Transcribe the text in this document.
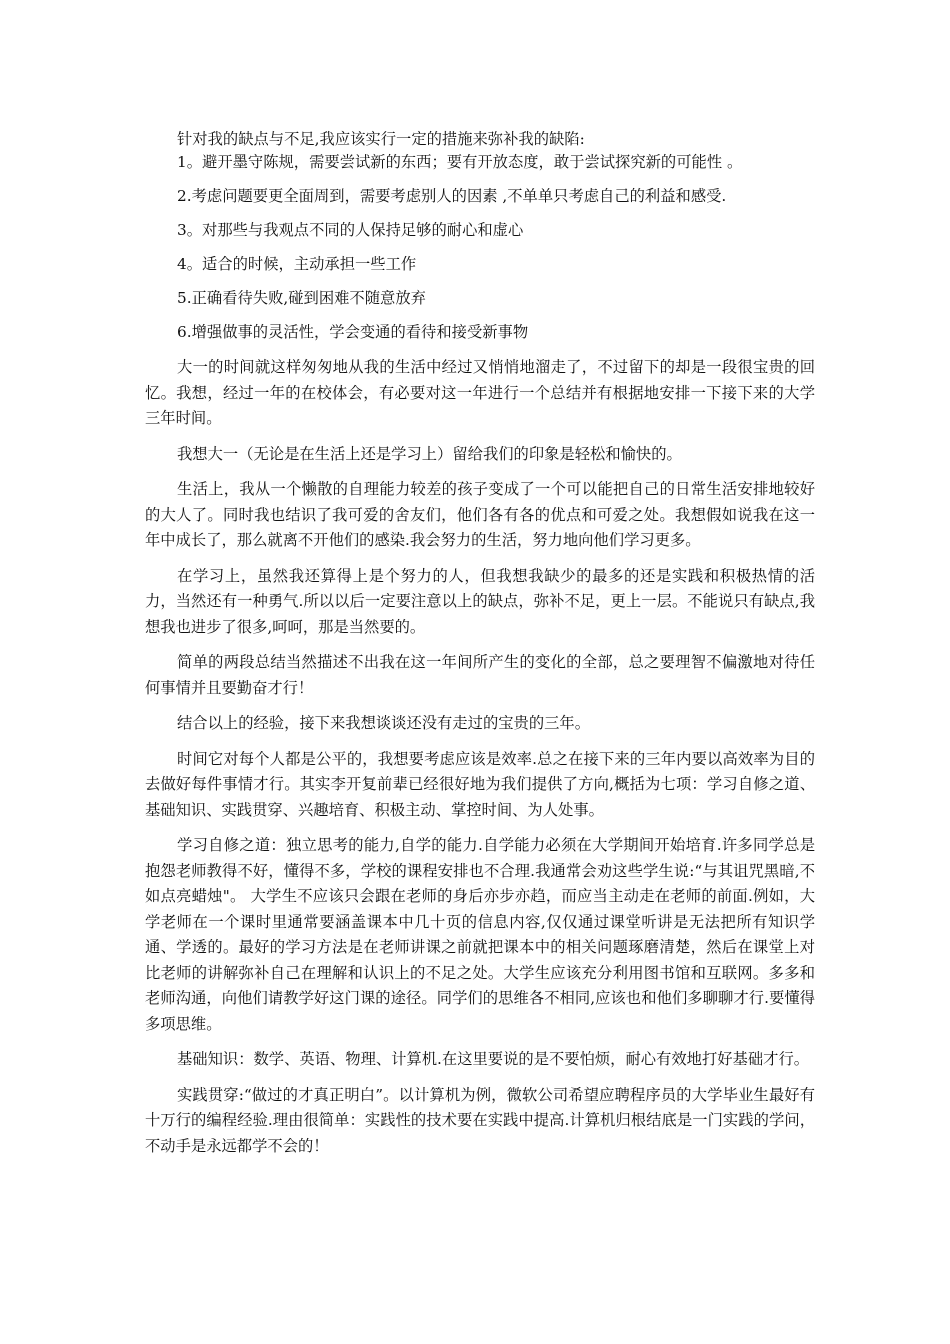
针对我的缺点与不足,我应该实行一定的措施来弥补我的缺陷:

1。避开墨守陈规，需要尝试新的东西；要有开放态度，敢于尝试探究新的可能性 。

2.考虑问题要更全面周到，需要考虑别人的因素 ,不单单只考虑自己的利益和感受.

3。对那些与我观点不同的人保持足够的耐心和虚心

4。适合的时候，主动承担一些工作

5.正确看待失败,碰到困难不随意放弃

6.增强做事的灵活性，学会变通的看待和接受新事物

大一的时间就这样匆匆地从我的生活中经过又悄悄地溜走了，不过留下的却是一段很宝贵的回忆。我想，经过一年的在校体会，有必要对这一年进行一个总结并有根据地安排一下接下来的大学三年时间。

我想大一（无论是在生活上还是学习上）留给我们的印象是轻松和愉快的。

生活上，我从一个懒散的自理能力较差的孩子变成了一个可以能把自己的日常生活安排地较好的大人了。同时我也结识了我可爱的舍友们，他们各有各的优点和可爱之处。我想假如说我在这一年中成长了，那么就离不开他们的感染.我会努力的生活，努力地向他们学习更多。

在学习上，虽然我还算得上是个努力的人，但我想我缺少的最多的还是实践和积极热情的活力，当然还有一种勇气.所以以后一定要注意以上的缺点，弥补不足，更上一层。不能说只有缺点,我想我也进步了很多,呵呵，那是当然要的。

简单的两段总结当然描述不出我在这一年间所产生的变化的全部，总之要理智不偏激地对待任何事情并且要勤奋才行！

结合以上的经验，接下来我想谈谈还没有走过的宝贵的三年。

时间它对每个人都是公平的，我想要考虑应该是效率.总之在接下来的三年内要以高效率为目的去做好每件事情才行。其实李开复前辈已经很好地为我们提供了方向,概括为七项：学习自修之道、基础知识、实践贯穿、兴趣培育、积极主动、掌控时间、为人处事。

学习自修之道：独立思考的能力,自学的能力.自学能力必须在大学期间开始培育.许多同学总是抱怨老师教得不好，懂得不多，学校的课程安排也不合理.我通常会劝这些学生说:“与其诅咒黑暗,不如点亮蜡烛"。 大学生不应该只会跟在老师的身后亦步亦趋，而应当主动走在老师的前面.例如，大学老师在一个课时里通常要涵盖课本中几十页的信息内容,仅仅通过课堂听讲是无法把所有知识学通、学透的。最好的学习方法是在老师讲课之前就把课本中的相关问题琢磨清楚，然后在课堂上对比老师的讲解弥补自己在理解和认识上的不足之处。大学生应该充分利用图书馆和互联网。多多和老师沟通，向他们请教学好这门课的途径。同学们的思维各不相同,应该也和他们多聊聊才行.要懂得多项思维。

基础知识：数学、英语、物理、计算机.在这里要说的是不要怕烦，耐心有效地打好基础才行。

实践贯穿:“做过的才真正明白”。以计算机为例，微软公司希望应聘程序员的大学毕业生最好有十万行的编程经验.理由很简单：实践性的技术要在实践中提高.计算机归根结底是一门实践的学问，不动手是永远都学不会的！
